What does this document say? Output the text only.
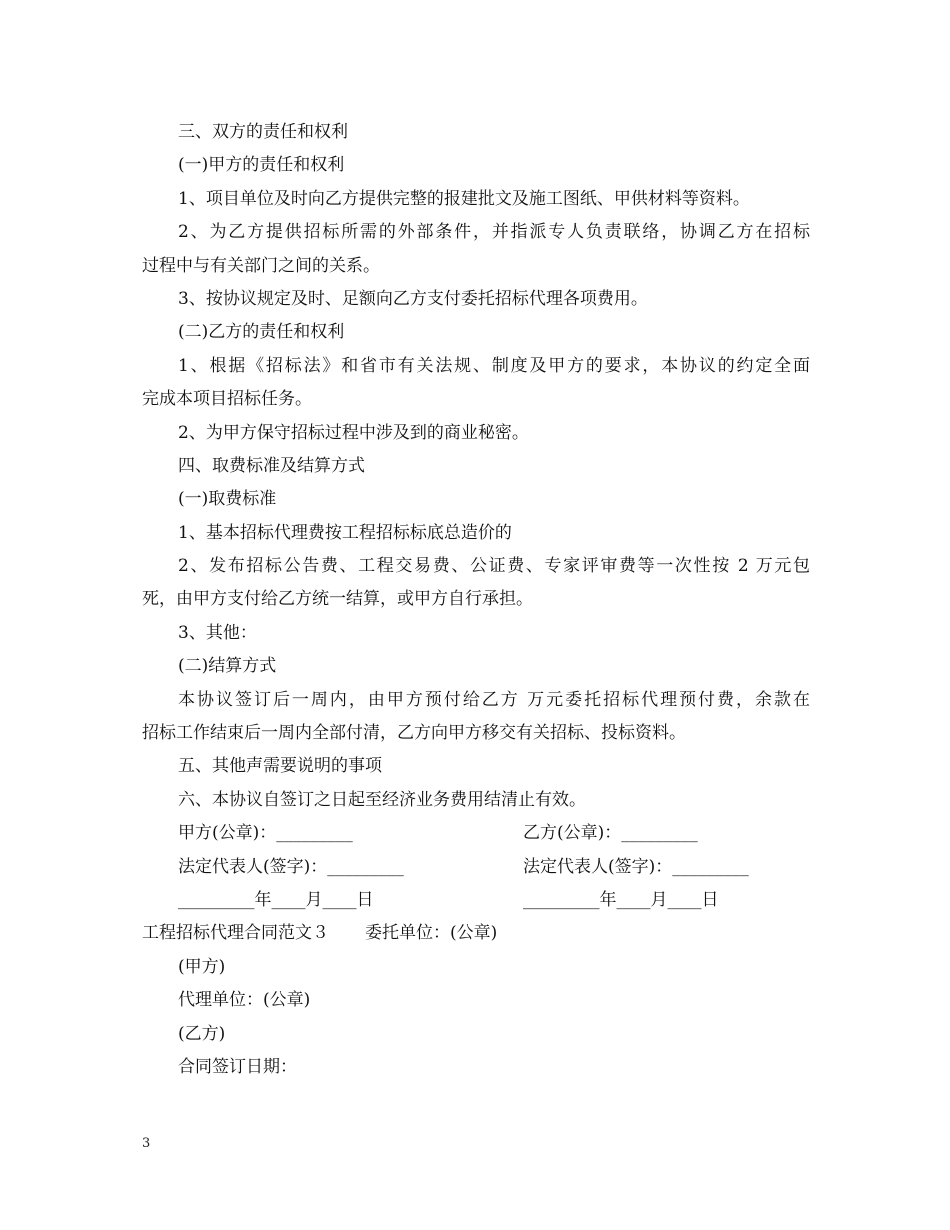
三、双方的责任和权利
(一)甲方的责任和权利
1、项目单位及时向乙方提供完整的报建批文及施工图纸、甲供材料等资料。
2、为乙方提供招标所需的外部条件，并指派专人负责联络，协调乙方在招标
过程中与有关部门之间的关系。
3、按协议规定及时、足额向乙方支付委托招标代理各项费用。
(二)乙方的责任和权利
1、根据《招标法》和省市有关法规、制度及甲方的要求，本协议的约定全面
完成本项目招标任务。
2、为甲方保守招标过程中涉及到的商业秘密。
四、取费标准及结算方式
(一)取费标准
1、基本招标代理费按工程招标标底总造价的
2、发布招标公告费、工程交易费、公证费、专家评审费等一次性按 2 万元包
死，由甲方支付给乙方统一结算，或甲方自行承担。
3、其他：
(二)结算方式
本协议签订后一周内，由甲方预付给乙方 万元委托招标代理预付费，余款在
招标工作结束后一周内全部付清，乙方向甲方移交有关招标、投标资料。
五、其他声需要说明的事项
六、本协议自签订之日起至经济业务费用结清止有效。
甲方(公章)：_________	乙方(公章)：_________
法定代表人(签字)：_________	法定代表人(签字)：_________
_________年____月____日	_________年____月____日
工程招标代理合同范文３ 委托单位：(公章)
(甲方)
代理单位：(公章)
(乙方)
合同签订日期：
3
